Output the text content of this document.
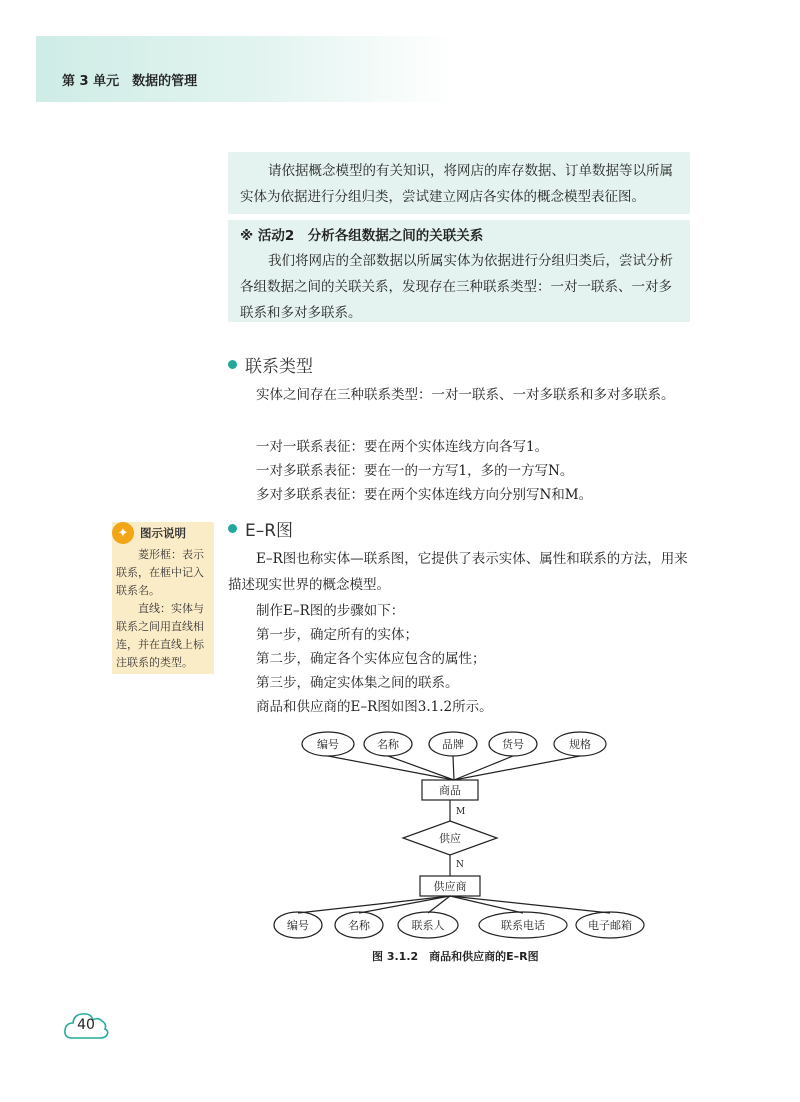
第 3 单元　数据的管理

请依据概念模型的有关知识，将网店的库存数据、订单数据等以所属实体为依据进行分组归类，尝试建立网店各实体的概念模型表征图。

※ 活动2　分析各组数据之间的关联关系

我们将网店的全部数据以所属实体为依据进行分组归类后，尝试分析各组数据之间的关联关系，发现存在三种联系类型：一对一联系、一对多联系和多对多联系。

联系类型

实体之间存在三种联系类型：一对一联系、一对多联系和多对多联系。

一对一联系表征：要在两个实体连线方向各写1。

一对多联系表征：要在一的一方写1，多的一方写N。

多对多联系表征：要在两个实体连线方向分别写N和M。

✦	图示说明

菱形框：表示联系，在框中记入联系名。

直线：实体与联系之间用直线相连，并在直线上标注联系的类型。

E–R图

E–R图也称实体—联系图，它提供了表示实体、属性和联系的方法，用来描述现实世界的概念模型。

制作E–R图的步骤如下：

第一步，确定所有的实体；

第二步，确定各个实体应包含的属性；

第三步，确定实体集之间的联系。

商品和供应商的E–R图如图3.1.2所示。

编号	名称	品牌	货号	规格
商品
M
供应
N
供应商
编号	名称	联系人	联系电话	电子邮箱
图 3.1.2　商品和供应商的E–R图
40
